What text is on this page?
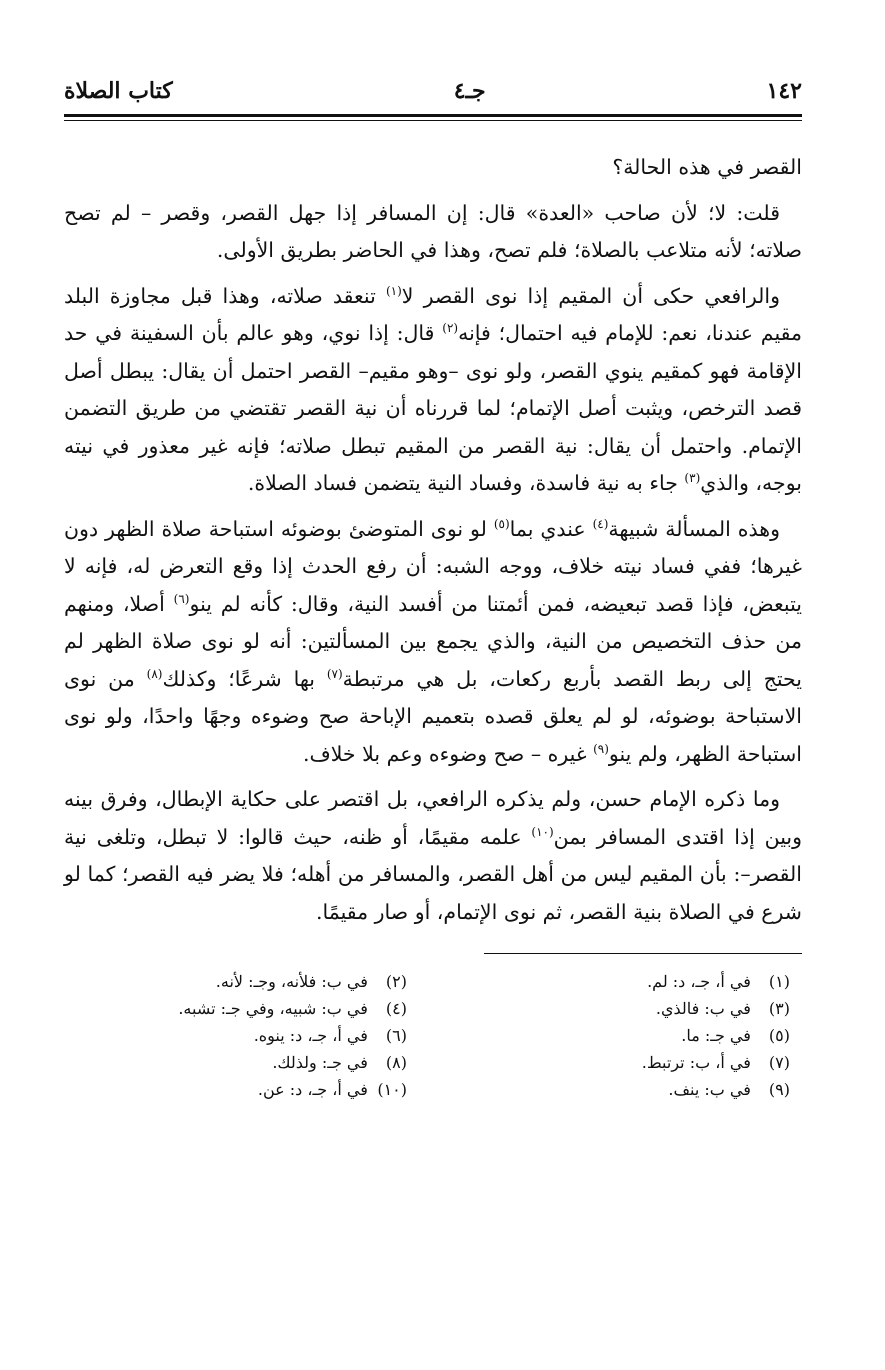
١٤٢
جـ٤
كتاب الصلاة

القصر في هذه الحالة؟

قلت: لا؛ لأن صاحب «العدة» قال: إن المسافر إذا جهل القصر، وقصر – لم تصح صلاته؛ لأنه متلاعب بالصلاة؛ فلم تصح، وهذا في الحاضر بطريق الأولى.

والرافعي حكى أن المقيم إذا نوى القصر لا$^{(١)}$ تنعقد صلاته، وهذا قبل مجاوزة البلد مقيم عندنا، نعم: للإمام فيه احتمال؛ فإنه$^{(٢)}$ قال: إذا نوي، وهو عالم بأن السفينة في حد الإقامة فهو كمقيم ينوي القصر، ولو نوى –وهو مقيم– القصر احتمل أن يقال: يبطل أصل قصد الترخص، ويثبت أصل الإتمام؛ لما قررناه أن نية القصر تقتضي من طريق التضمن الإتمام. واحتمل أن يقال: نية القصر من المقيم تبطل صلاته؛ فإنه غير معذور في نيته بوجه، والذي$^{(٣)}$ جاء به نية فاسدة، وفساد النية يتضمن فساد الصلاة.

وهذه المسألة شبيهة$^{(٤)}$ عندي بما$^{(٥)}$ لو نوى المتوضئ بوضوئه استباحة صلاة الظهر دون غيرها؛ ففي فساد نيته خلاف، ووجه الشبه: أن رفع الحدث إذا وقع التعرض له، فإنه لا يتبعض، فإذا قصد تبعيضه، فمن أئمتنا من أفسد النية، وقال: كأنه لم ينو$^{(٦)}$ أصلا، ومنهم من حذف التخصيص من النية، والذي يجمع بين المسألتين: أنه لو نوى صلاة الظهر لم يحتج إلى ربط القصد بأربع ركعات، بل هي مرتبطة$^{(٧)}$ بها شرعًا؛ وكذلك$^{(٨)}$ من نوى الاستباحة بوضوئه، لو لم يعلق قصده بتعميم الإباحة صح وضوءه وجهًا واحدًا، ولو نوى استباحة الظهر، ولم ينو$^{(٩)}$ غيره – صح وضوءه وعم بلا خلاف.

وما ذكره الإمام حسن، ولم يذكره الرافعي، بل اقتصر على حكاية الإبطال، وفرق بينه وبين إذا اقتدى المسافر بمن$^{(١٠)}$ علمه مقيمًا، أو ظنه، حيث قالوا: لا تبطل، وتلغى نية القصر–: بأن المقيم ليس من أهل القصر، والمسافر من أهله؛ فلا يضر فيه القصر؛ كما لو شرع في الصلاة بنية القصر، ثم نوى الإتمام، أو صار مقيمًا.

(١) في أ، جـ، د: لم.
(٢) في ب: فلأنه، وجـ: لأنه.
(٣) في ب: فالذي.
(٤) في ب: شبيه، وفي جـ: تشبه.
(٥) في جـ: ما.
(٦) في أ، جـ، د: ينوه.
(٧) في أ، ب: ترتبط.
(٨) في جـ: ولذلك.
(٩) في ب: ينف.
(١٠) في أ، جـ، د: عن.
